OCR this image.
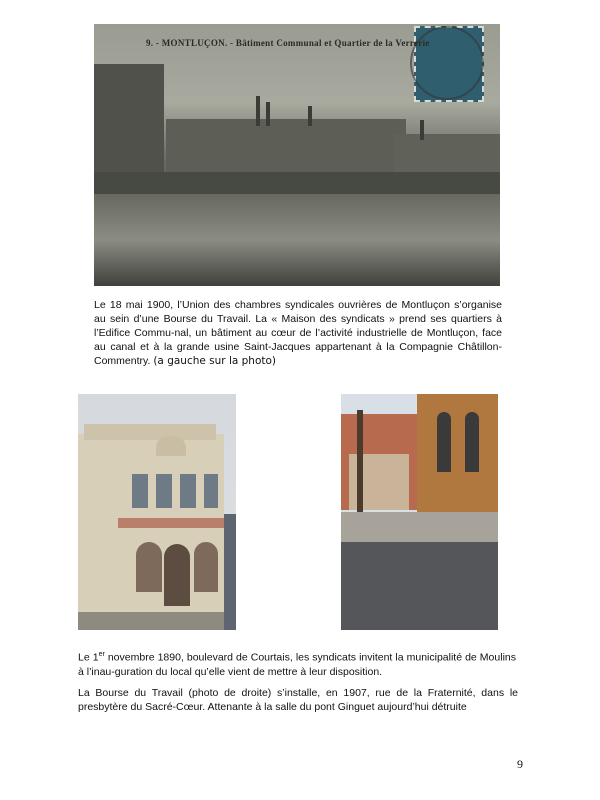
9. - MONTLUÇON. - Bâtiment Communal et Quartier de la Verrerie

Le 18 mai 1900, l’Union des chambres syndicales ouvrières de Montluçon s’organise au sein d’une Bourse du Travail. La « Maison des syndicats » prend ses quartiers à l’Edifice Commu-nal, un bâtiment au cœur de l’activité industrielle de Montluçon, face au canal et à la grande usine Saint-Jacques appartenant à la Compagnie Châtillon-Commentry. (a gauche sur la photo)

Le 1er novembre 1890, boulevard de Courtais, les syndicats invitent la municipalité de Moulins à l’inau-guration du local qu’elle vient de mettre à leur disposition.

La Bourse du Travail (photo de droite) s’installe, en 1907, rue de la Fraternité, dans le presbytère du Sacré-Cœur. Attenante à la salle du pont Ginguet aujourd’hui détruite

9
